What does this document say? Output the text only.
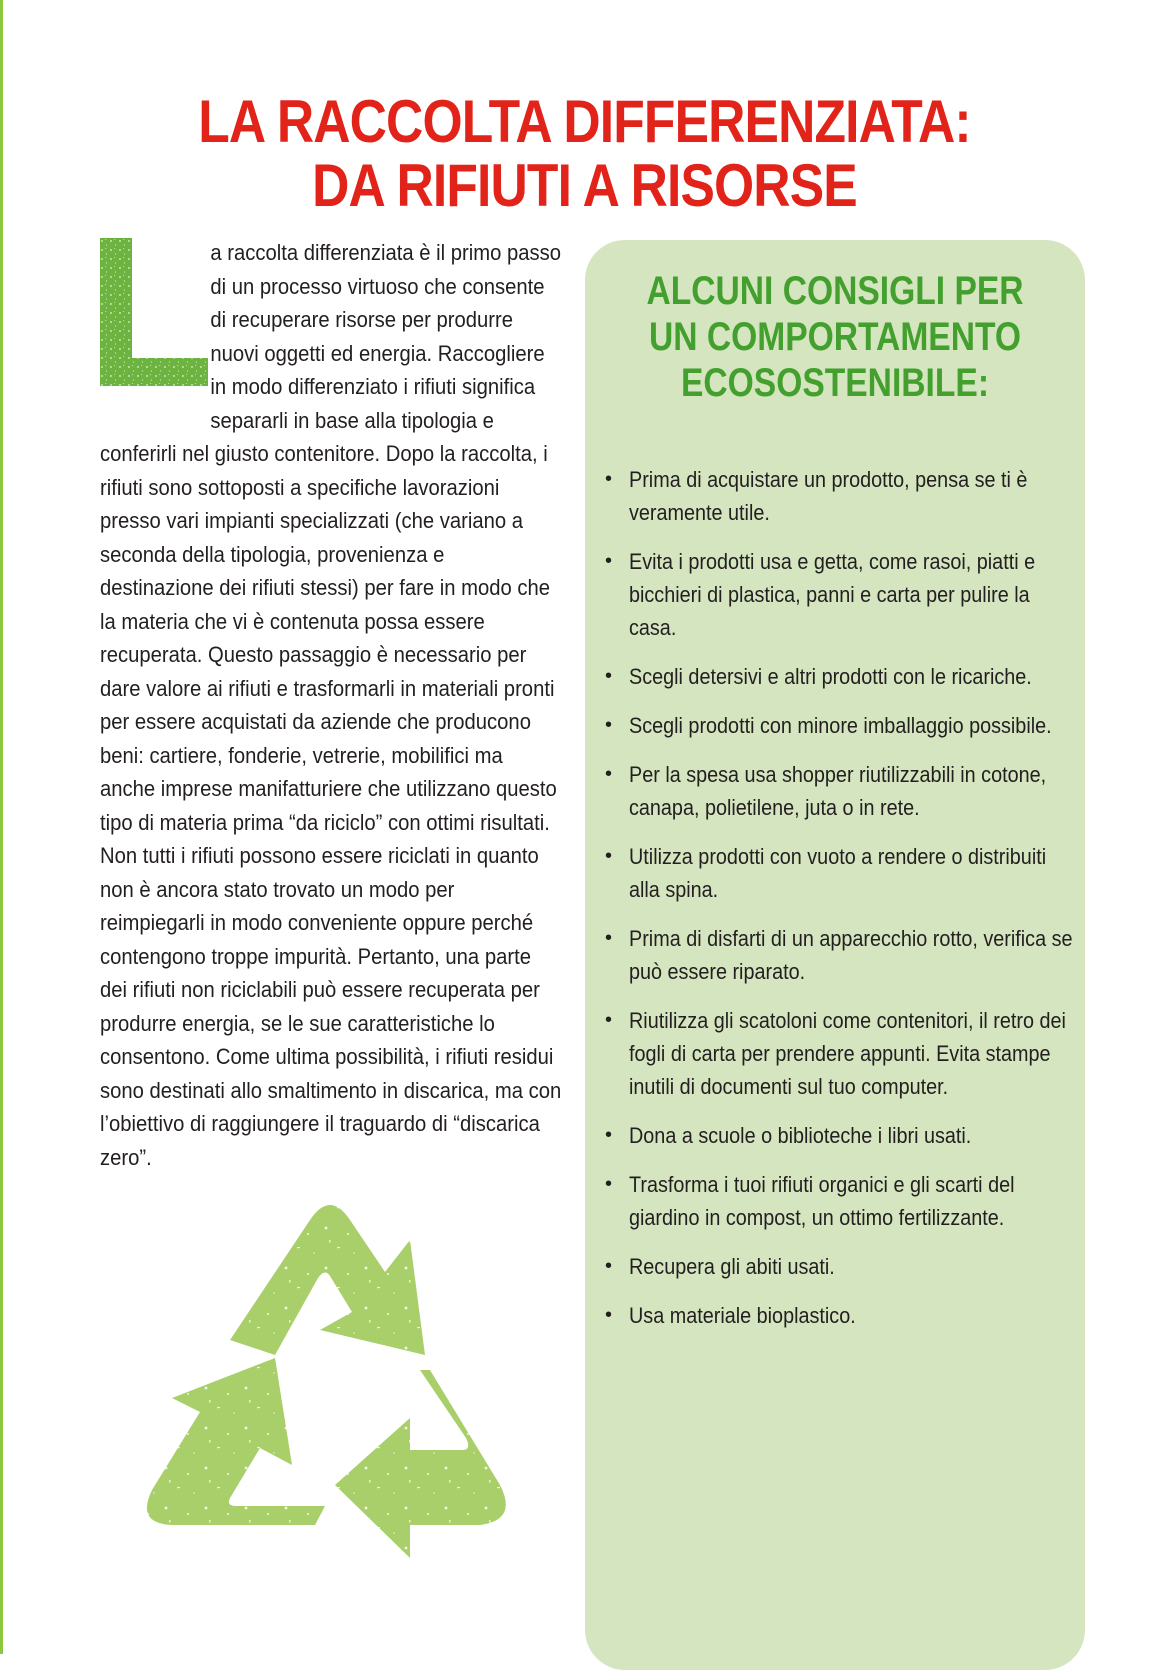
LA RACCOLTA DIFFERENZIATA:
DA RIFIUTI A RISORSE
a raccolta differenziata è il primo passo di un processo virtuoso che consente di recuperare risorse per produrre nuovi oggetti ed energia. Raccogliere in modo differenziato i rifiuti significa separarli in base alla tipologia e conferirli nel giusto contenitore. Dopo la raccolta, i rifiuti sono sottoposti a specifiche lavorazioni presso vari impianti specializzati (che variano a seconda della tipologia, provenienza e destinazione dei rifiuti stessi) per fare in modo che la materia che vi è contenuta possa essere recuperata. Questo passaggio è necessario per dare valore ai rifiuti e trasformarli in materiali pronti per essere acquistati da aziende che producono beni: cartiere, fonderie, vetrerie, mobilifici ma anche imprese manifatturiere che utilizzano questo tipo di materia prima “da riciclo” con ottimi risultati. Non tutti i rifiuti possono essere riciclati in quanto non è ancora stato trovato un modo per reimpiegarli in modo conveniente oppure perché contengono troppe impurità. Pertanto, una parte dei rifiuti non riciclabili può essere recuperata per produrre energia, se le sue caratteristiche lo consentono. Come ultima possibilità, i rifiuti residui sono destinati allo smaltimento in discarica, ma con l’obiettivo di raggiungere il traguardo di “discarica zero”.
ALCUNI CONSIGLI PER
UN COMPORTAMENTO
ECOSOSTENIBILE:
• Prima di acquistare un prodotto, pensa se ti è veramente utile.
• Evita i prodotti usa e getta, come rasoi, piatti e bicchieri di plastica, panni e carta per pulire la casa.
• Scegli detersivi e altri prodotti con le ricariche.
• Scegli prodotti con minore imballaggio possibile.
• Per la spesa usa shopper riutilizzabili in cotone, canapa, polietilene, juta o in rete.
• Utilizza prodotti con vuoto a rendere o distribuiti alla spina.
• Prima di disfarti di un apparecchio rotto, verifica se può essere riparato.
• Riutilizza gli scatoloni come contenitori, il retro dei fogli di carta per prendere appunti. Evita stampe inutili di documenti sul tuo computer.
• Dona a scuole o biblioteche i libri usati.
• Trasforma i tuoi rifiuti organici e gli scarti del giardino in compost, un ottimo fertilizzante.
• Recupera gli abiti usati.
• Usa materiale bioplastico.
